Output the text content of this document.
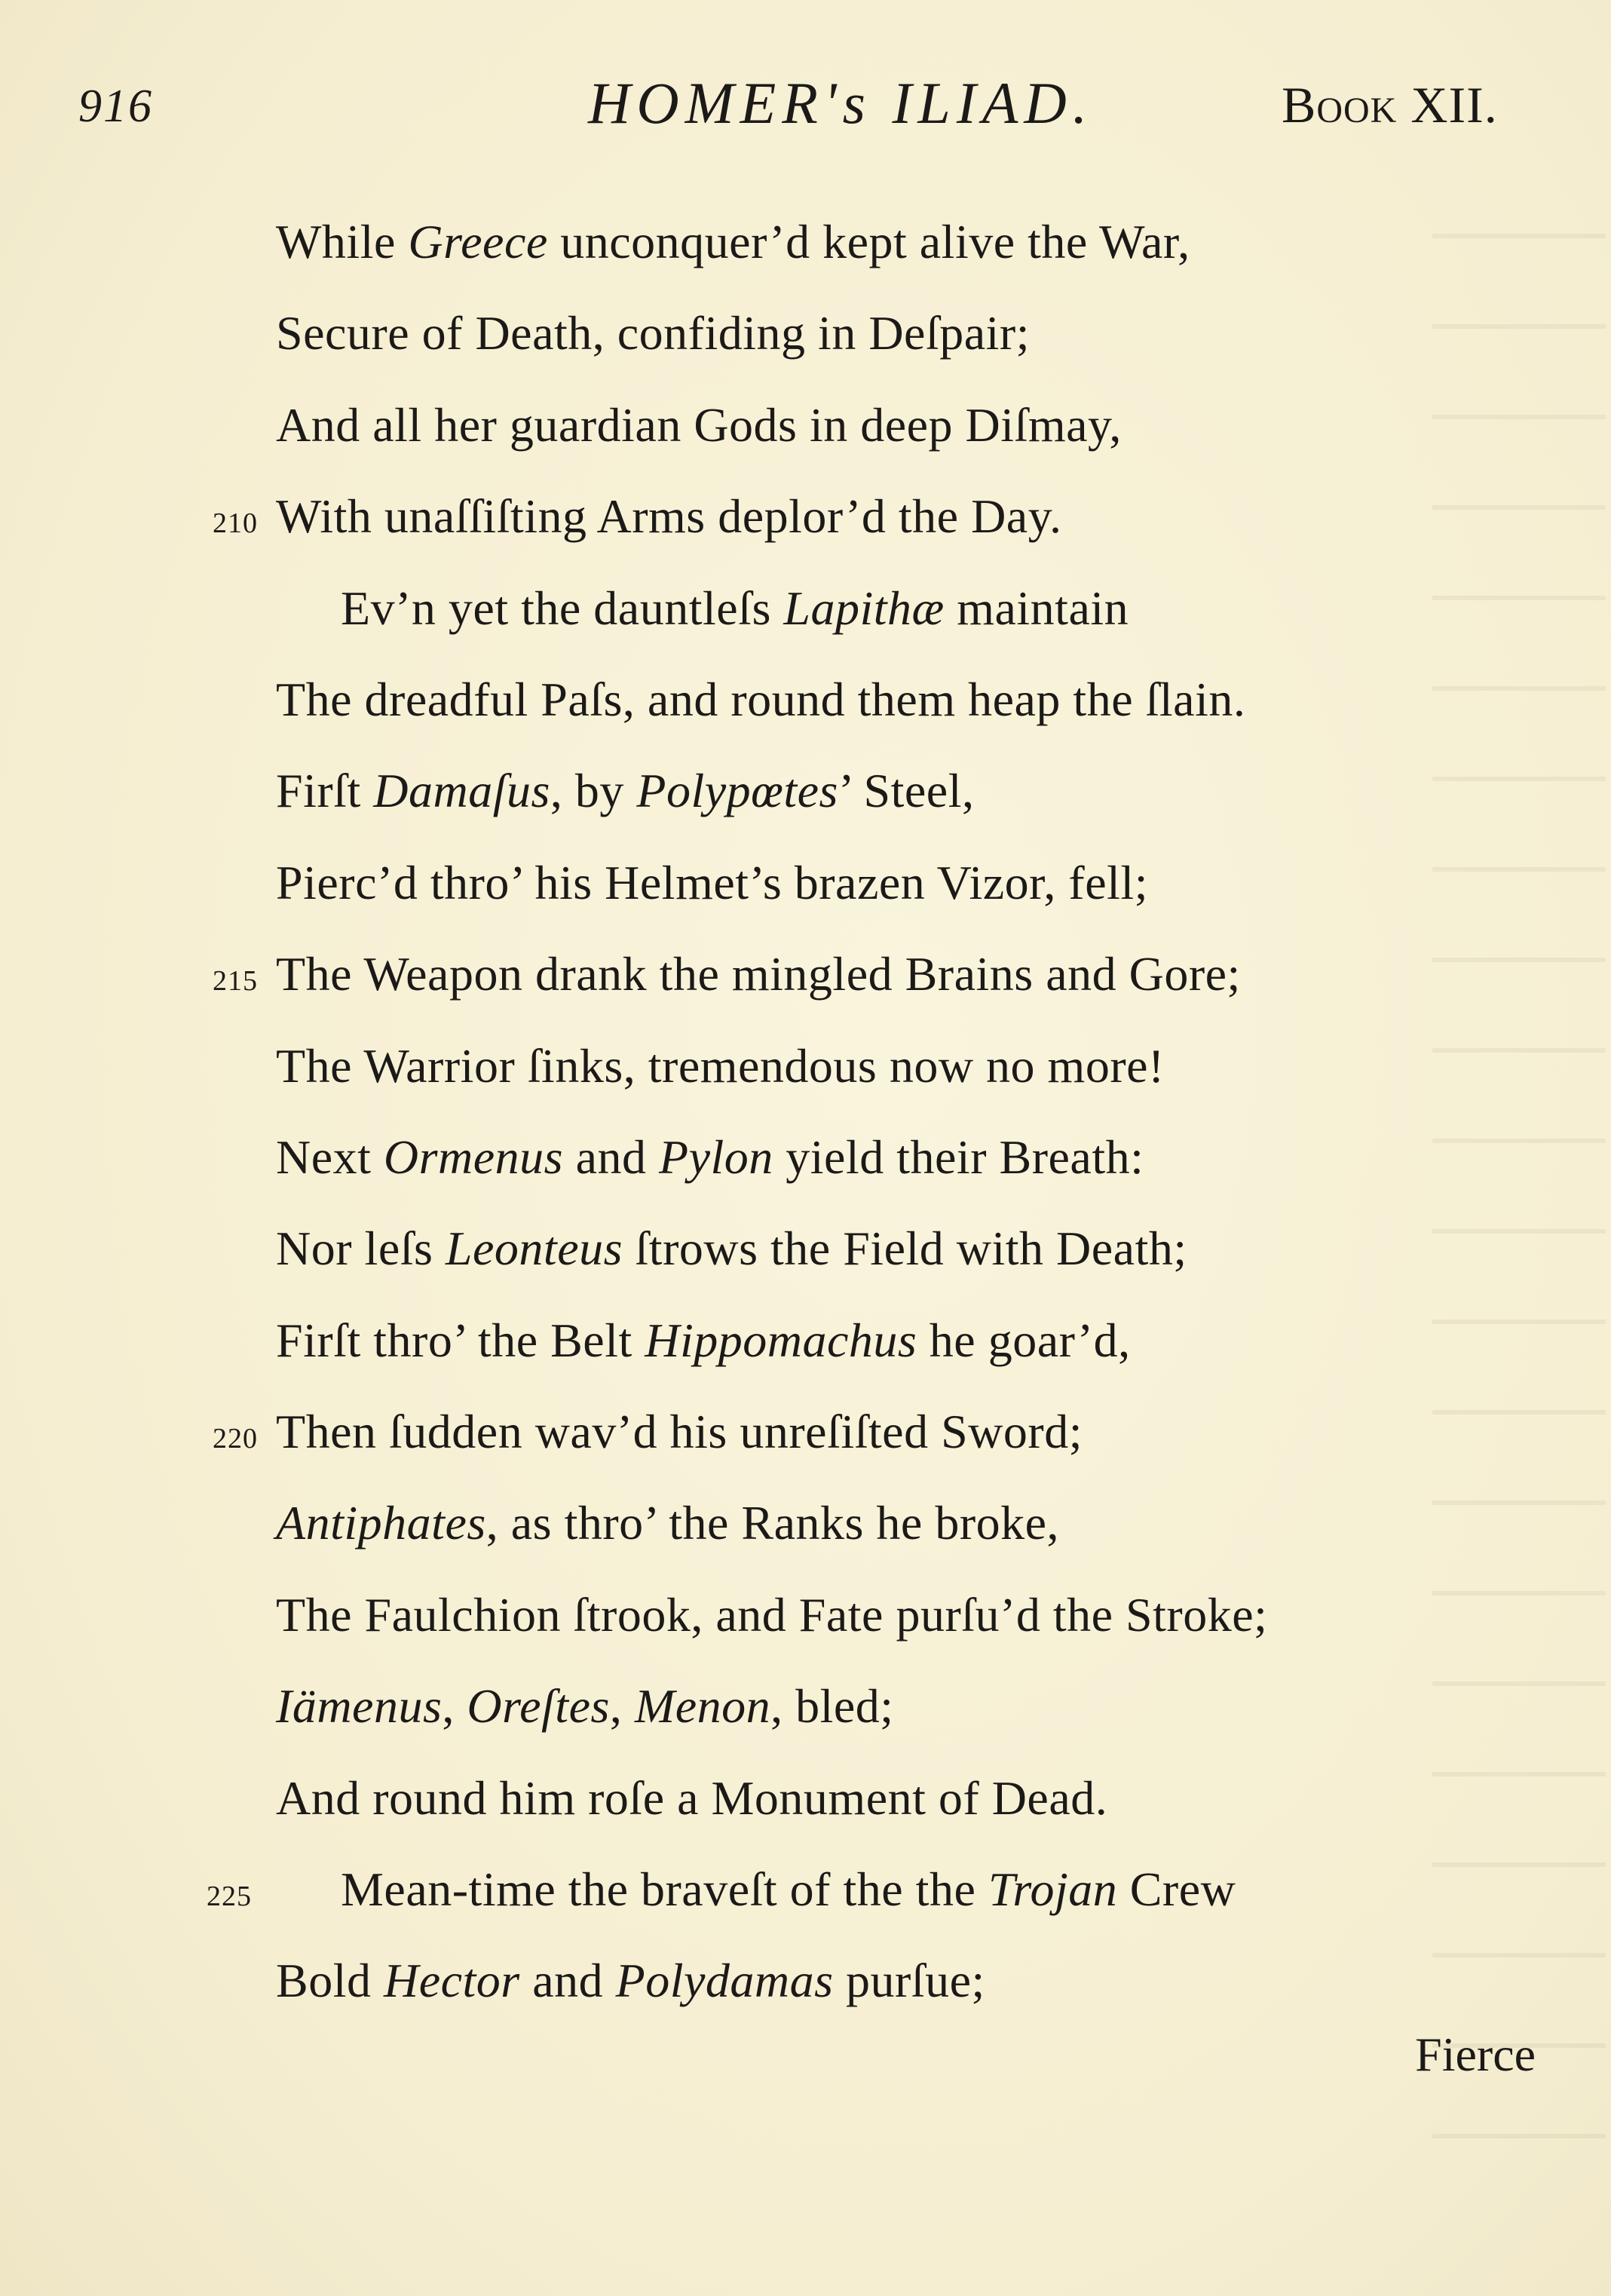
916	HOMER's ILIAD.	Book XII.
While Greece unconquer’d kept alive the War,
Secure of Death, confiding in Deſpair;
And all her guardian Gods in deep Diſmay,
210 With unaſſiſting Arms deplor’d the Day.
Ev’n yet the dauntleſs Lapithæ maintain
The dreadful Paſs, and round them heap the ſlain.
Firſt Damaſus, by Polypœtes’ Steel,
Pierc’d thro’ his Helmet’s brazen Vizor, fell;
215 The Weapon drank the mingled Brains and Gore;
The Warrior ſinks, tremendous now no more!
Next Ormenus and Pylon yield their Breath:
Nor leſs Leonteus ſtrows the Field with Death;
Firſt thro’ the Belt Hippomachus he goar’d,
220 Then ſudden wav’d his unreſiſted Sword;
Antiphates, as thro’ the Ranks he broke,
The Faulchion ſtrook, and Fate purſu’d the Stroke;
Iämenus, Oreſtes, Menon, bled;
And round him roſe a Monument of Dead.
225 Mean-time the braveſt of the the Trojan Crew
Bold Hector and Polydamas purſue;
Fierce
